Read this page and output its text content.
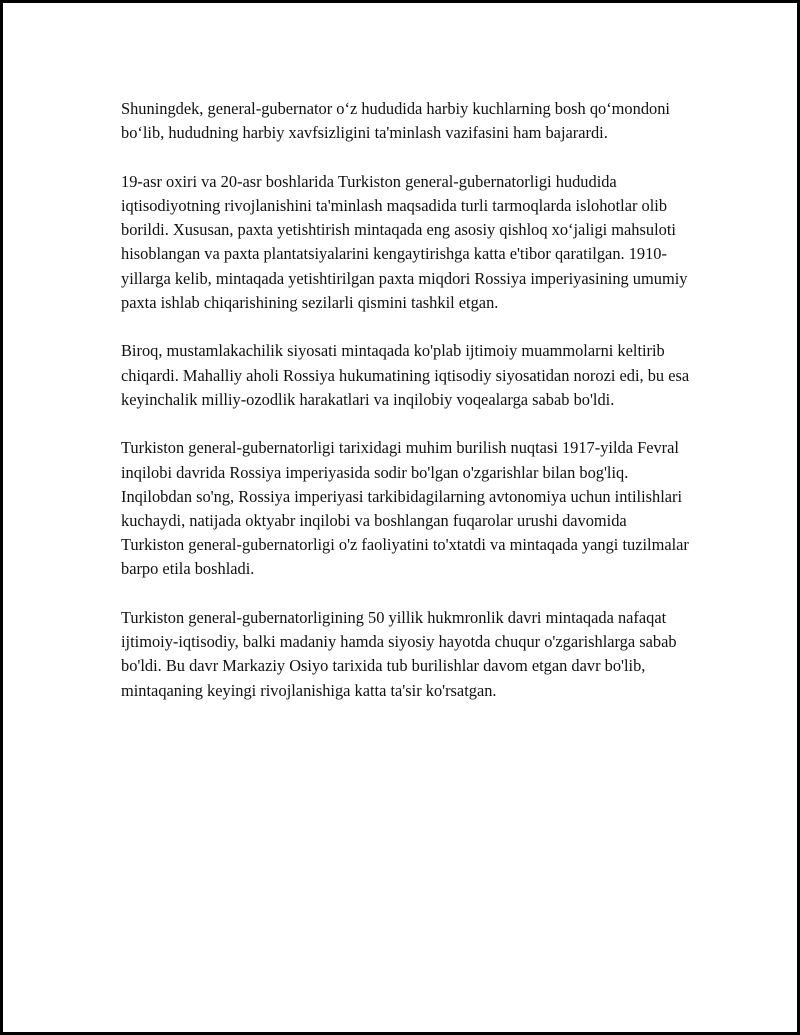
Shuningdek, general-gubernator o‘z hududida harbiy kuchlarning bosh qo‘mondoni bo‘lib, hududning harbiy xavfsizligini ta'minlash vazifasini ham bajarardi.

19-asr oxiri va 20-asr boshlarida Turkiston general-gubernatorligi hududida iqtisodiyotning rivojlanishini ta'minlash maqsadida turli tarmoqlarda islohotlar olib borildi. Xususan, paxta yetishtirish mintaqada eng asosiy qishloq xo‘jaligi mahsuloti hisoblangan va paxta plantatsiyalarini kengaytirishga katta e'tibor qaratilgan. 1910-yillarga kelib, mintaqada yetishtirilgan paxta miqdori Rossiya imperiyasining umumiy paxta ishlab chiqarishining sezilarli qismini tashkil etgan.

Biroq, mustamlakachilik siyosati mintaqada ko'plab ijtimoiy muammolarni keltirib chiqardi. Mahalliy aholi Rossiya hukumatining iqtisodiy siyosatidan norozi edi, bu esa keyinchalik milliy-ozodlik harakatlari va inqilobiy voqealarga sabab bo'ldi.

Turkiston general-gubernatorligi tarixidagi muhim burilish nuqtasi 1917-yilda Fevral inqilobi davrida Rossiya imperiyasida sodir bo'lgan o'zgarishlar bilan bog'liq. Inqilobdan so'ng, Rossiya imperiyasi tarkibidagilarning avtonomiya uchun intilishlari kuchaydi, natijada oktyabr inqilobi va boshlangan fuqarolar urushi davomida Turkiston general-gubernatorligi o'z faoliyatini to'xtatdi va mintaqada yangi tuzilmalar barpo etila boshladi.

Turkiston general-gubernatorligining 50 yillik hukmronlik davri mintaqada nafaqat ijtimoiy-iqtisodiy, balki madaniy hamda siyosiy hayotda chuqur o'zgarishlarga sabab bo'ldi. Bu davr Markaziy Osiyo tarixida tub burilishlar davom etgan davr bo'lib, mintaqaning keyingi rivojlanishiga katta ta'sir ko'rsatgan.
